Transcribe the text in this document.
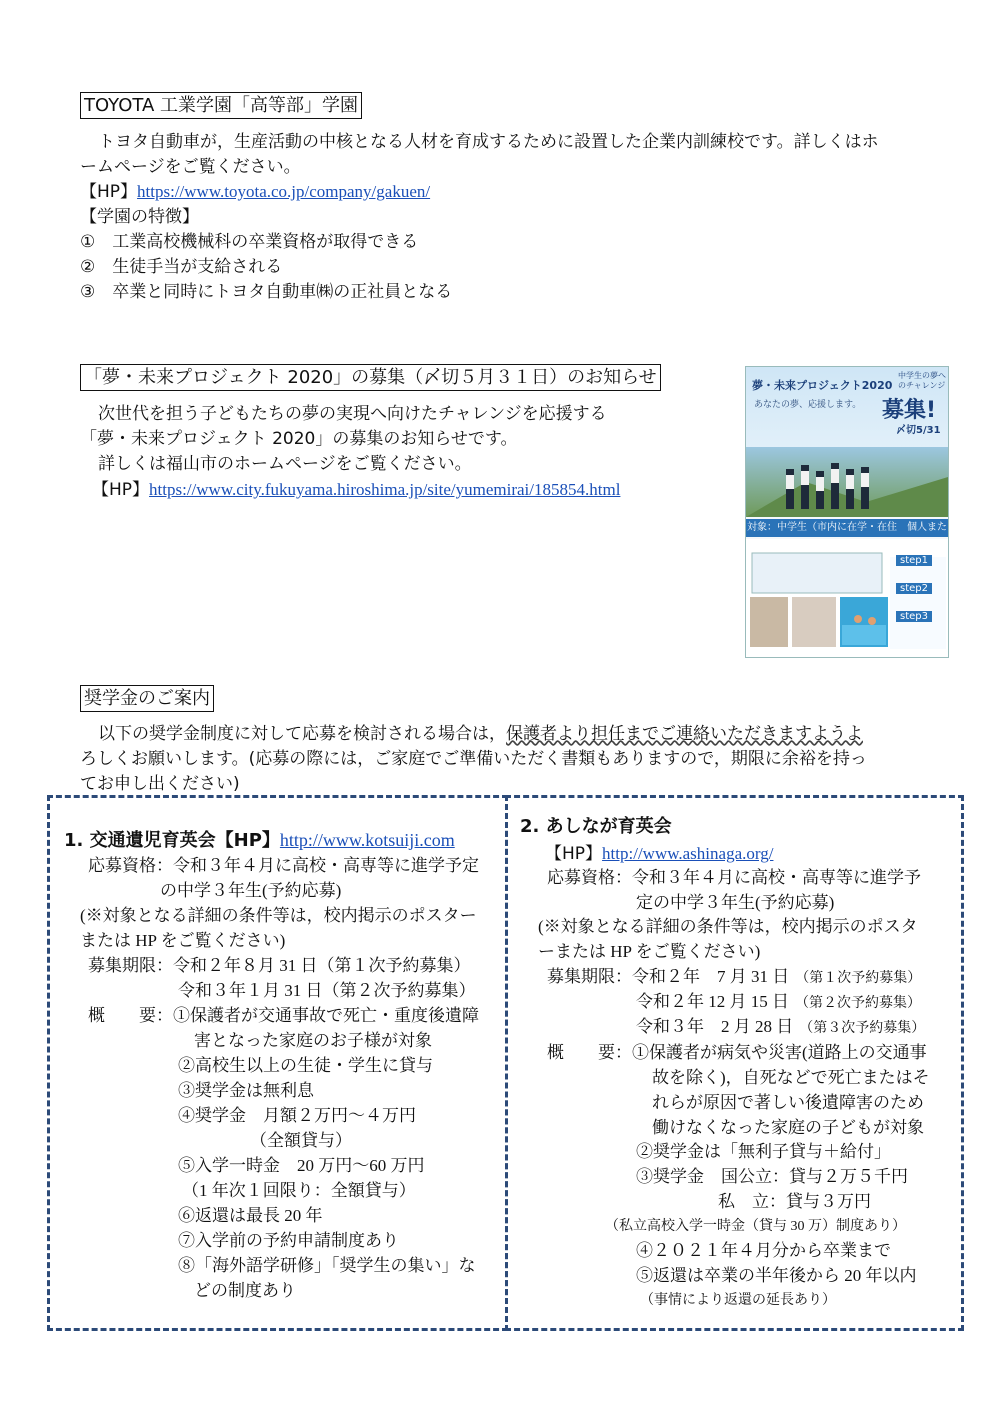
TOYOTA 工業学園「高等部」学園
トヨタ自動車が，生産活動の中核となる人材を育成するために設置した企業内訓練校です。詳しくはホ
ームページをご覧ください。
【HP】https://www.toyota.co.jp/company/gakuen/
【学園の特徴】
①　工業高校機械科の卒業資格が取得できる
②　生徒手当が支給される
③　卒業と同時にトヨタ自動車㈱の正社員となる
「夢・未来プロジェクト 2020」の募集（〆切５月３１日）のお知らせ
次世代を担う子どもたちの夢の実現へ向けたチャレンジを応援する
「夢・未来プロジェクト 2020」の募集のお知らせです。
詳しくは福山市のホームページをご覧ください。
【HP】https://www.city.fukuyama.hiroshima.jp/site/yumemirai/185854.html
夢・未来プロジェクト2020
中学生の夢へのチャレンジ
募集!
〆切5/31
あなたの夢、応援します。
対象：中学生（市内に在学・在住　個人また
step1
step2
step3
奨学金のご案内
以下の奨学金制度に対して応募を検討される場合は，保護者より担任までご連絡いただきますようよ
ろしくお願いします。(応募の際には，ご家庭でご準備いただく書類もありますので，期限に余裕を持っ
てお申し出ください)
1. 交通遺児育英会【HP】http://www.kotsuiji.com
応募資格：令和３年４月に高校・高専等に進学予定
の中学３年生(予約応募)
(※対象となる詳細の条件等は，校内掲示のポスター
または HP をご覧ください)
募集期限：令和２年８月 31 日（第１次予約募集）
令和３年１月 31 日（第２次予約募集）
概　　要：①保護者が交通事故で死亡・重度後遺障
害となった家庭のお子様が対象
②高校生以上の生徒・学生に貸与
③奨学金は無利息
④奨学金　月額２万円～４万円
（全額貸与）
⑤入学一時金　20 万円～60 万円
（1 年次１回限り：全額貸与）
⑥返還は最長 20 年
⑦入学前の予約申請制度あり
⑧「海外語学研修」「奨学生の集い」な
どの制度あり
2. あしなが育英会
【HP】http://www.ashinaga.org/
応募資格：令和３年４月に高校・高専等に進学予
定の中学３年生(予約応募)
(※対象となる詳細の条件等は，校内掲示のポスタ
ーまたは HP をご覧ください)
募集期限：令和２年　7 月 31 日 （第１次予約募集）
令和２年 12 月 15 日 （第２次予約募集）
令和３年　2 月 28 日 （第３次予約募集）
概　　要：①保護者が病気や災害(道路上の交通事
故を除く)，自死などで死亡またはそ
れらが原因で著しい後遺障害のため
働けなくなった家庭の子どもが対象
②奨学金は「無利子貸与＋給付」
③奨学金　国公立：貸与２万５千円
私　立：貸与３万円
（私立高校入学一時金（貸与 30 万）制度あり）
④２０２１年４月分から卒業まで
⑤返還は卒業の半年後から 20 年以内
（事情により返還の延長あり）
